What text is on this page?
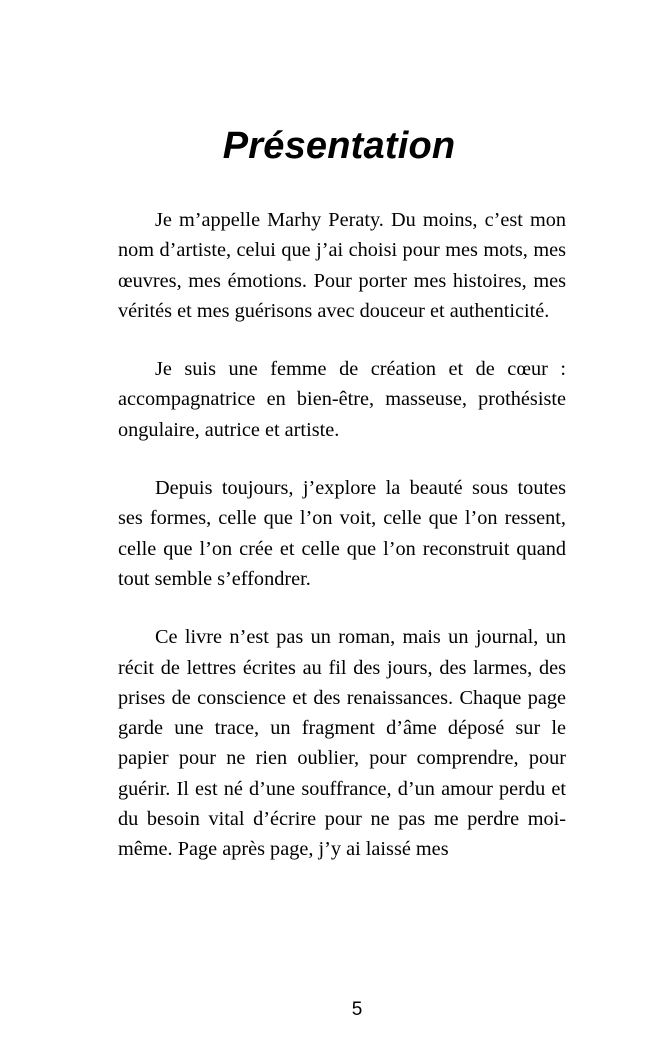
Présentation

Je m’appelle Marhy Peraty. Du moins, c’est mon nom d’artiste, celui que j’ai choisi pour mes mots, mes œuvres, mes émotions. Pour porter mes histoires, mes vérités et mes guérisons avec douceur et authenticité.

Je suis une femme de création et de cœur : accompagnatrice en bien-être, masseuse, prothésiste ongulaire, autrice et artiste.

Depuis toujours, j’explore la beauté sous toutes ses formes, celle que l’on voit, celle que l’on ressent, celle que l’on crée et celle que l’on reconstruit quand tout semble s’effondrer.

Ce livre n’est pas un roman, mais un journal, un récit de lettres écrites au fil des jours, des larmes, des prises de conscience et des renaissances. Chaque page garde une trace, un fragment d’âme déposé sur le papier pour ne rien oublier, pour comprendre, pour guérir. Il est né d’une souffrance, d’un amour perdu et du besoin vital d’écrire pour ne pas me perdre moi-même. Page après page, j’y ai laissé mes

5
